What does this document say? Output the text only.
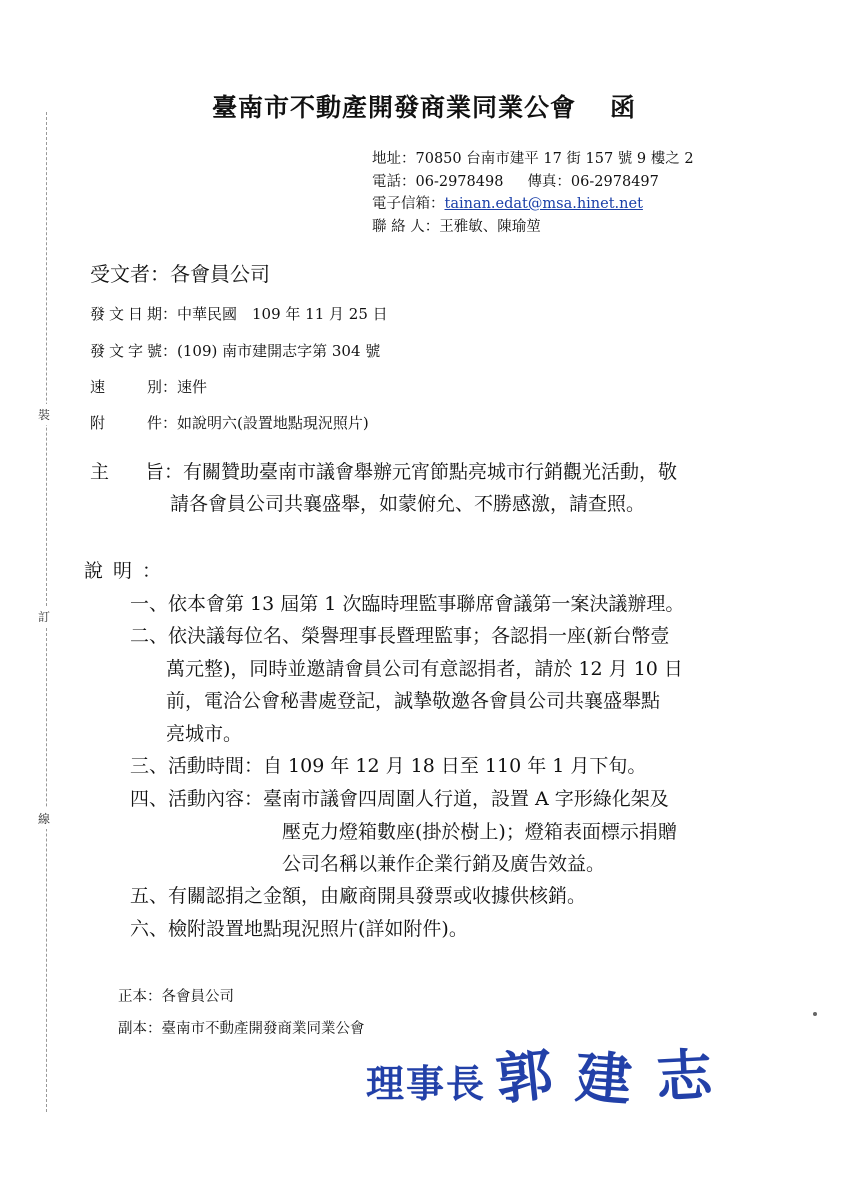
裝
訂
線
臺南市不動產開發商業同業公會 函
地址：70850 台南市建平 17 街 157 號 9 樓之 2
電話：06-2978498 傳真：06-2978497
電子信箱：tainan.edat@msa.hinet.net
聯 絡 人：王雅敏、陳瑜堃
受文者：各會員公司
發文日期：中華民國　109 年 11 月 25 日
發文字號：(109) 南市建開志字第 304 號
速　　別：速件
附　　件：如說明六(設置地點現況照片)
主　旨：有關贊助臺南市議會舉辦元宵節點亮城市行銷觀光活動，敬
請各會員公司共襄盛舉，如蒙俯允、不勝感激，請查照。
說明：
一、依本會第 13 屆第 1 次臨時理監事聯席會議第一案決議辦理。
二、依決議每位名、榮譽理事長暨理監事；各認捐一座(新台幣壹
萬元整)，同時並邀請會員公司有意認捐者，請於 12 月 10 日
前，電洽公會秘書處登記，誠摯敬邀各會員公司共襄盛舉點
亮城市。
三、活動時間：自 109 年 12 月 18 日至 110 年 1 月下旬。
四、活動內容：臺南市議會四周圍人行道，設置 A 字形綠化架及
壓克力燈箱數座(掛於樹上)；燈箱表面標示捐贈
公司名稱以兼作企業行銷及廣告效益。
五、有關認捐之金額，由廠商開具發票或收據供核銷。
六、檢附設置地點現況照片(詳如附件)。
正本：各會員公司
副本：臺南市不動產開發商業同業公會
理事長 郭建志
